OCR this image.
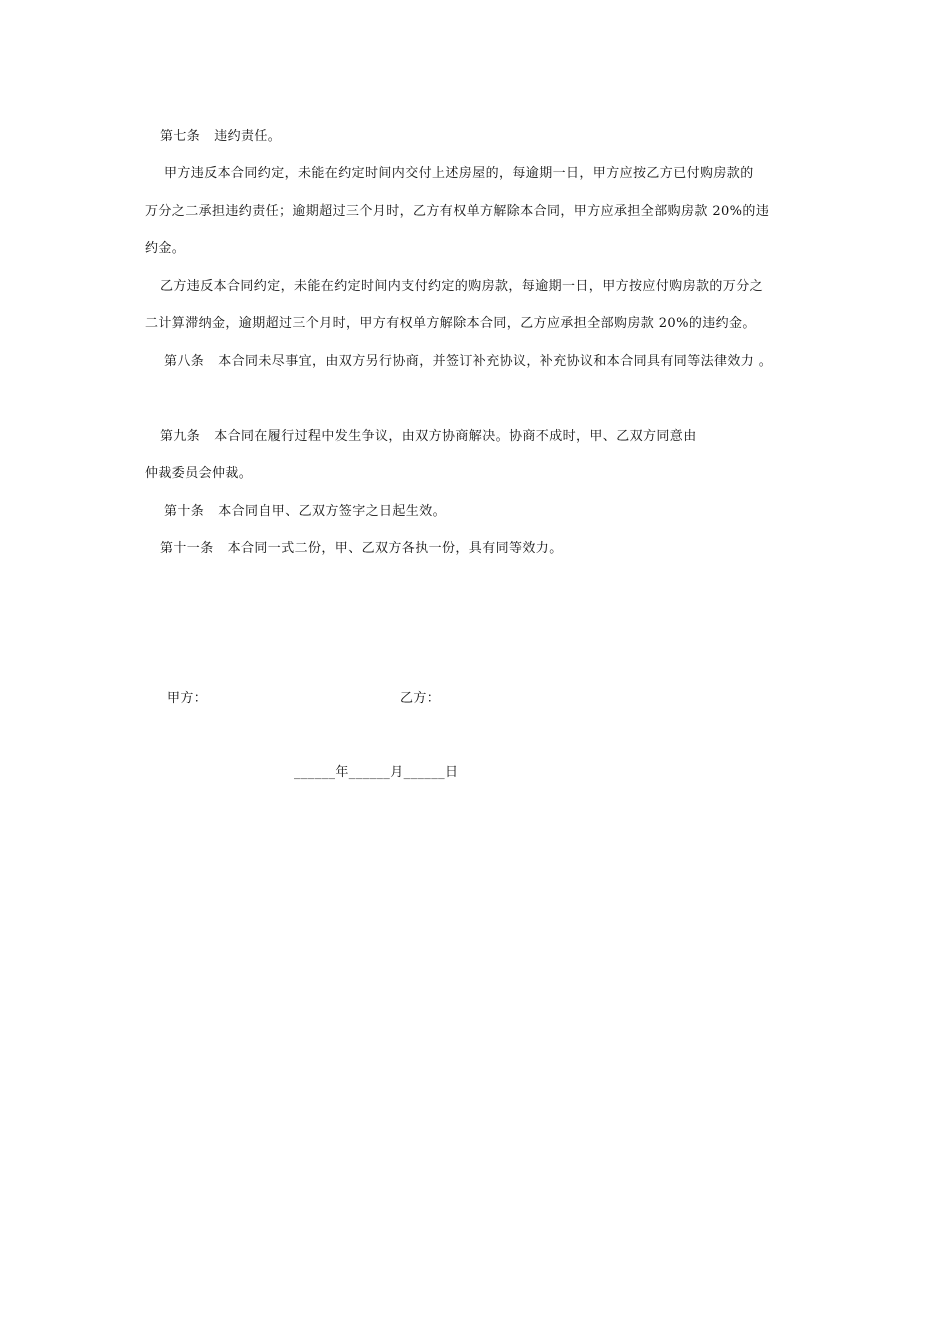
第七条 违约责任。
甲方违反本合同约定，未能在约定时间内交付上述房屋的，每逾期一日，甲方应按乙方已付购房款的
万分之二承担违约责任；逾期超过三个月时，乙方有权单方解除本合同，甲方应承担全部购房款 20%的违
约金。
乙方违反本合同约定，未能在约定时间内支付约定的购房款，每逾期一日，甲方按应付购房款的万分之
二计算滞纳金，逾期超过三个月时，甲方有权单方解除本合同，乙方应承担全部购房款 20%的违约金。
第八条 本合同未尽事宜，由双方另行协商，并签订补充协议，补充协议和本合同具有同等法律效力 。
第九条 本合同在履行过程中发生争议，由双方协商解决。协商不成时，甲、乙双方同意由
仲裁委员会仲裁。
第十条 本合同自甲、乙双方签字之日起生效。
第十一条 本合同一式二份，甲、乙双方各执一份，具有同等效力。
甲方：	乙方：
______年______月______日
